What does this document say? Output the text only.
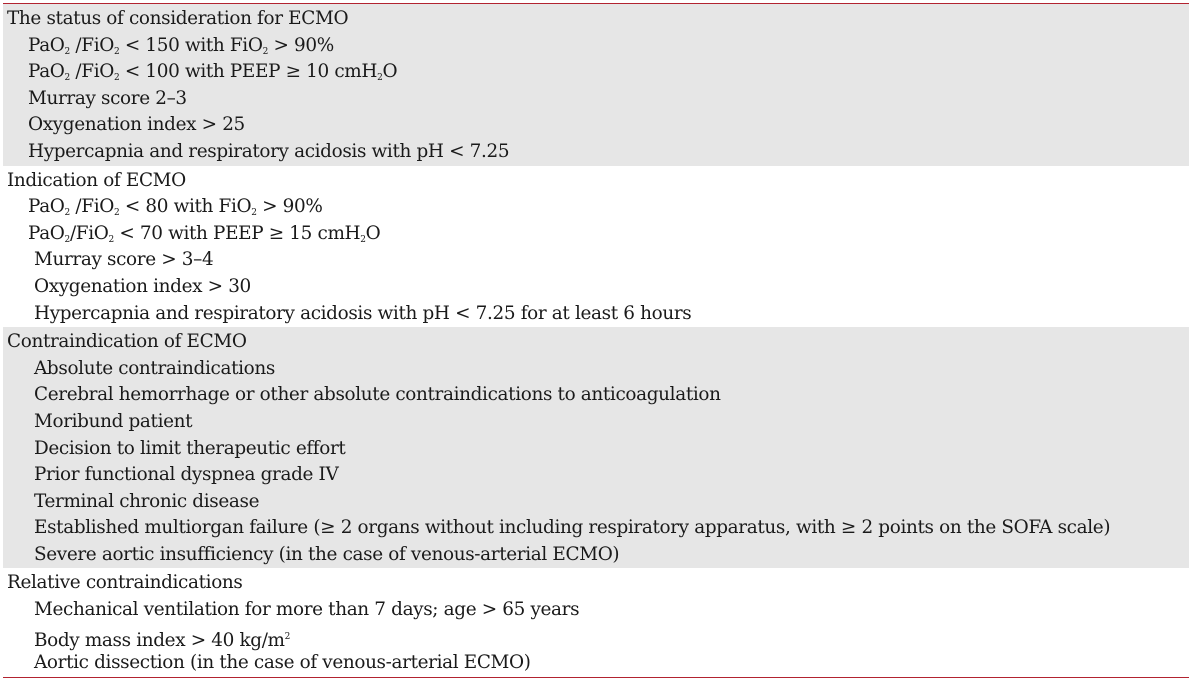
The status of consideration for ECMO
PaO2 /FiO2 < 150 with FiO2 > 90%
PaO2 /FiO2 < 100 with PEEP ≥ 10 cmH2O
Murray score 2–3
Oxygenation index > 25
Hypercapnia and respiratory acidosis with pH < 7.25
Indication of ECMO
PaO2 /FiO2 < 80 with FiO2 > 90%
PaO2/FiO2 < 70 with PEEP ≥ 15 cmH2O
Murray score > 3–4
Oxygenation index > 30
Hypercapnia and respiratory acidosis with pH < 7.25 for at least 6 hours
Contraindication of ECMO
Absolute contraindications
Cerebral hemorrhage or other absolute contraindications to anticoagulation
Moribund patient
Decision to limit therapeutic effort
Prior functional dyspnea grade IV
Terminal chronic disease
Established multiorgan failure (≥ 2 organs without including respiratory apparatus, with ≥ 2 points on the SOFA scale)
Severe aortic insufficiency (in the case of venous-arterial ECMO)
Relative contraindications
Mechanical ventilation for more than 7 days; age > 65 years
Body mass index > 40 $kg/m^2$
Aortic dissection (in the case of venous-arterial ECMO)
